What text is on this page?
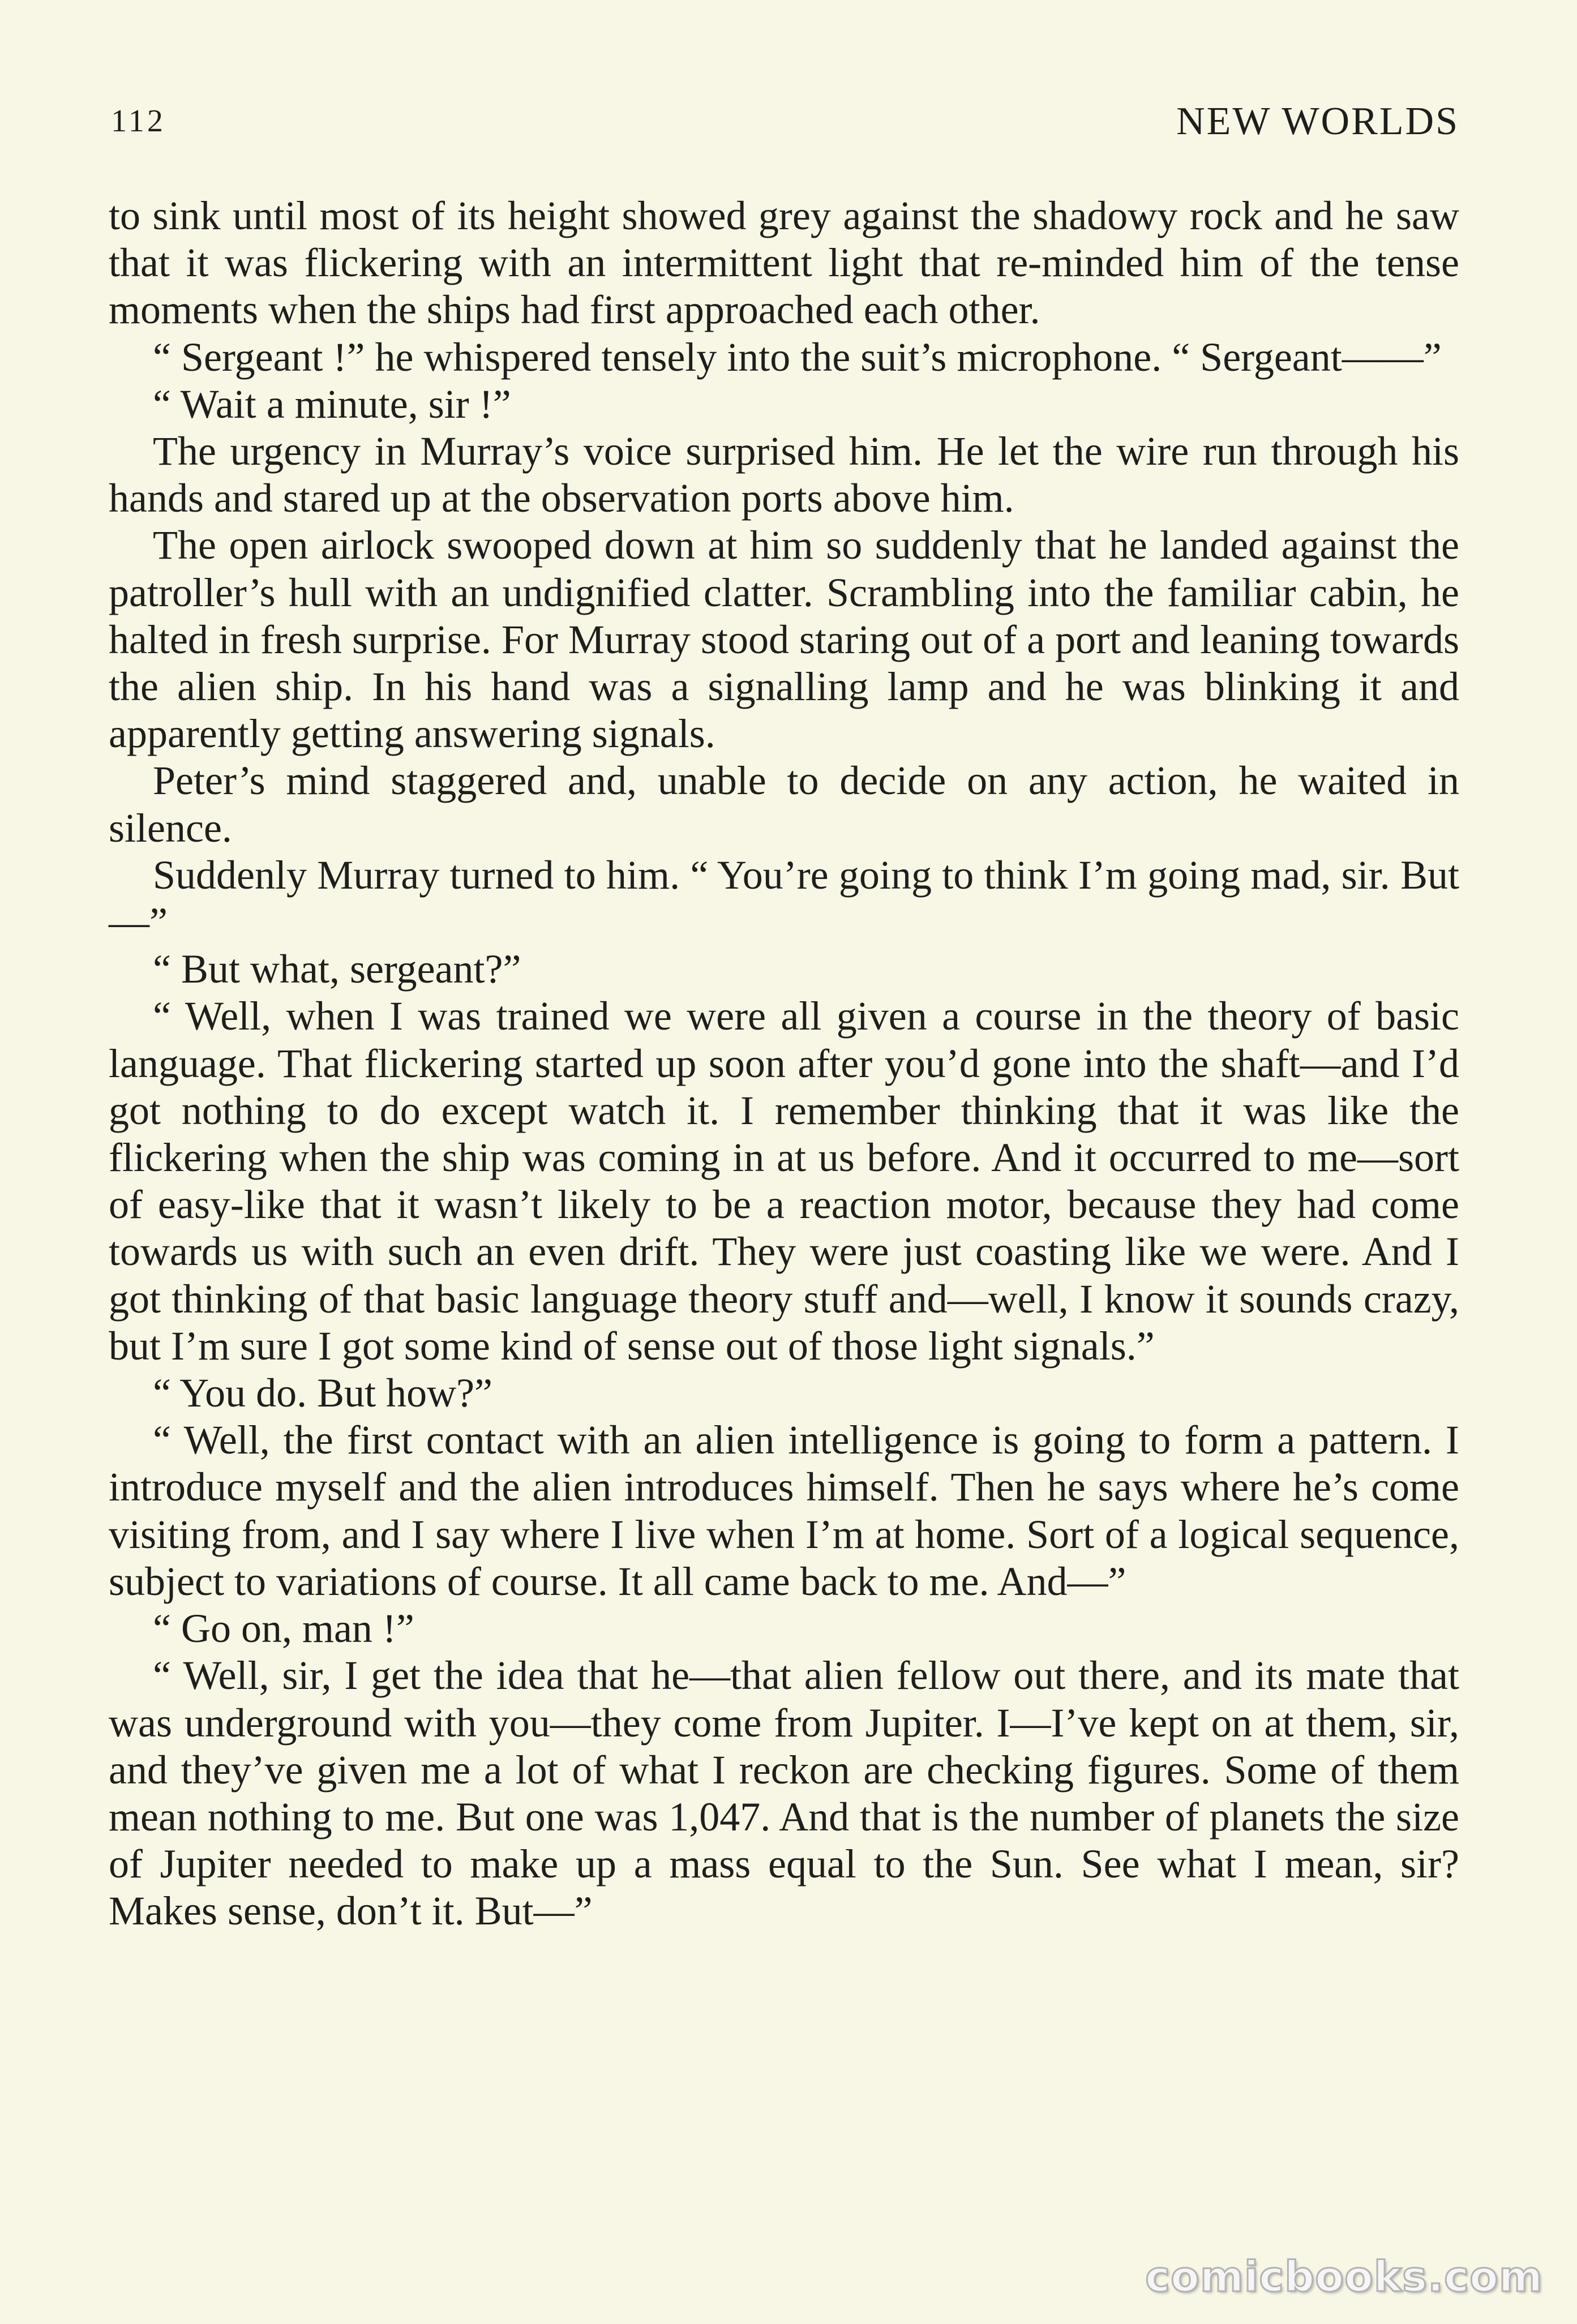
112	NEW WORLDS

to sink until most of its height showed grey against the shadowy rock and he saw that it was flickering with an intermittent light that re-minded him of the tense moments when the ships had first approached each other.

“ Sergeant !” he whispered tensely into the suit’s microphone. “ Sergeant——”

“ Wait a minute, sir !”

The urgency in Murray’s voice surprised him. He let the wire run through his hands and stared up at the observation ports above him.

The open airlock swooped down at him so suddenly that he landed against the patroller’s hull with an undignified clatter. Scrambling into the familiar cabin, he halted in fresh surprise. For Murray stood staring out of a port and leaning towards the alien ship. In his hand was a signalling lamp and he was blinking it and apparently getting answering signals.

Peter’s mind staggered and, unable to decide on any action, he waited in silence.

Suddenly Murray turned to him. “ You’re going to think I’m going mad, sir. But—”

“ But what, sergeant?”

“ Well, when I was trained we were all given a course in the theory of basic language. That flickering started up soon after you’d gone into the shaft—and I’d got nothing to do except watch it. I remember thinking that it was like the flickering when the ship was coming in at us before. And it occurred to me—sort of easy-like that it wasn’t likely to be a reaction motor, because they had come towards us with such an even drift. They were just coasting like we were. And I got thinking of that basic language theory stuff and—well, I know it sounds crazy, but I’m sure I got some kind of sense out of those light signals.”

“ You do. But how?”

“ Well, the first contact with an alien intelligence is going to form a pattern. I introduce myself and the alien introduces himself. Then he says where he’s come visiting from, and I say where I live when I’m at home. Sort of a logical sequence, subject to variations of course. It all came back to me. And—”

“ Go on, man !”

“ Well, sir, I get the idea that he—that alien fellow out there, and its mate that was underground with you—they come from Jupiter. I—I’ve kept on at them, sir, and they’ve given me a lot of what I reckon are checking figures. Some of them mean nothing to me. But one was 1,047. And that is the number of planets the size of Jupiter needed to make up a mass equal to the Sun. See what I mean, sir? Makes sense, don’t it. But—”

comicbooks.com
